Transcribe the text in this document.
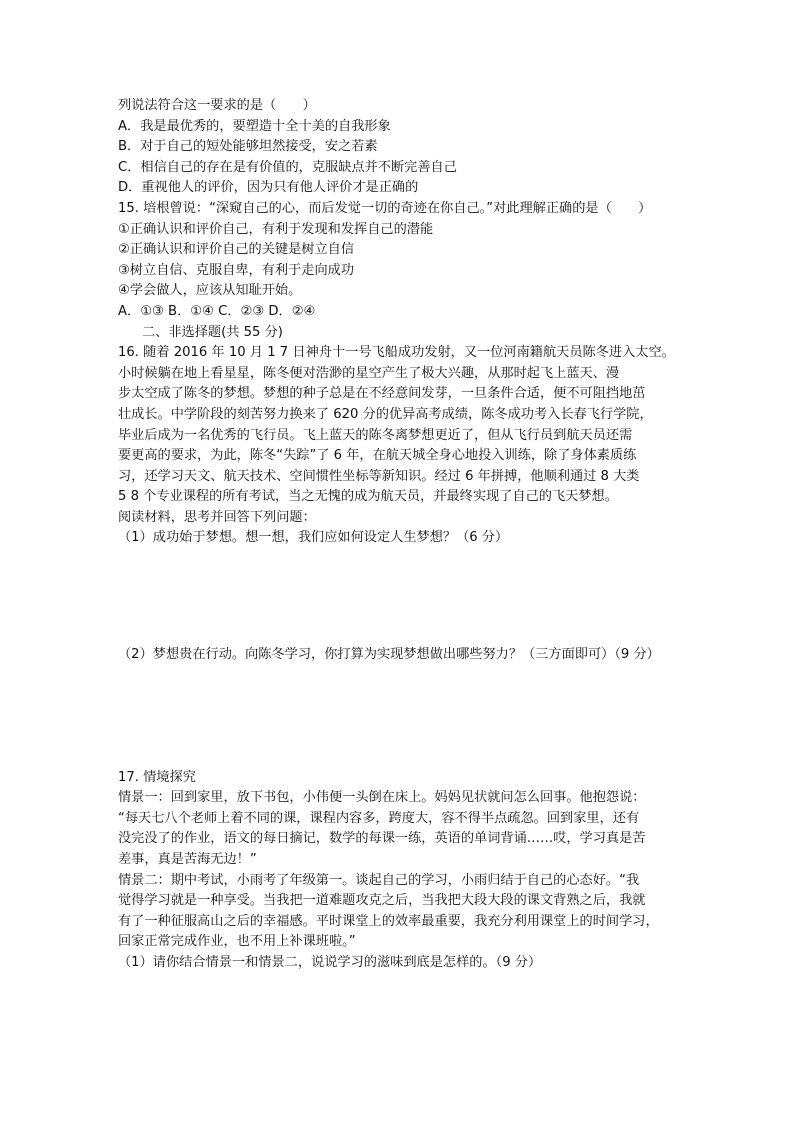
列说法符合这一要求的是（　　）
A．我是最优秀的，要塑造十全十美的自我形象
B．对于自己的短处能够坦然接受，安之若素
C．相信自己的存在是有价值的，克服缺点并不断完善自己
D．重视他人的评价，因为只有他人评价才是正确的
15. 培根曾说：“深窥自己的心，而后发觉一切的奇迹在你自己。”对此理解正确的是（　　）
①正确认识和评价自己，有利于发现和发挥自己的潜能
②正确认识和评价自己的关键是树立自信
③树立自信、克服自卑，有利于走向成功
④学会做人，应该从知耻开始。
A．①③ B．①④ C．②③ D．②④
二、非选择题(共 55 分)
16. 随着 2016 年 10 月 1 7 日神舟十一号飞船成功发射，又一位河南籍航天员陈冬进入太空。
小时候躺在地上看星星，陈冬便对浩渺的星空产生了极大兴趣，从那时起飞上蓝天、漫
步太空成了陈冬的梦想。梦想的种子总是在不经意间发芽，一旦条件合适，便不可阻挡地茁
壮成长。中学阶段的刻苦努力换来了 620 分的优异高考成绩，陈冬成功考入长春飞行学院，
毕业后成为一名优秀的飞行员。飞上蓝天的陈冬离梦想更近了，但从飞行员到航天员还需
要更高的要求，为此，陈冬“失踪”了 6 年，在航天城全身心地投入训练，除了身体素质练
习，还学习天文、航天技术、空间惯性坐标等新知识。经过 6 年拼搏，他顺利通过 8 大类
5 8 个专业课程的所有考试，当之无愧的成为航天员，并最终实现了自己的飞天梦想。
阅读材料，思考并回答下列问题：
（1）成功始于梦想。想一想，我们应如何设定人生梦想？（6 分）
（2）梦想贵在行动。向陈冬学习，你打算为实现梦想做出哪些努力？（三方面即可）（9 分）
17. 情境探究
情景一：回到家里，放下书包，小伟便一头倒在床上。妈妈见状就问怎么回事。他抱怨说：
“每天七八个老师上着不同的课，课程内容多，跨度大，容不得半点疏忽。回到家里，还有
没完没了的作业，语文的每日摘记，数学的每课一练，英语的单词背诵……哎，学习真是苦
差事，真是苦海无边！”
情景二：期中考试，小雨考了年级第一。谈起自己的学习，小雨归结于自己的心态好。“我
觉得学习就是一种享受。当我把一道难题攻克之后，当我把大段大段的课文背熟之后，我就
有了一种征服高山之后的幸福感。平时课堂上的效率最重要，我充分利用课堂上的时间学习，
回家正常完成作业，也不用上补课班啦。”
（1）请你结合情景一和情景二，说说学习的滋味到底是怎样的。（9 分）
